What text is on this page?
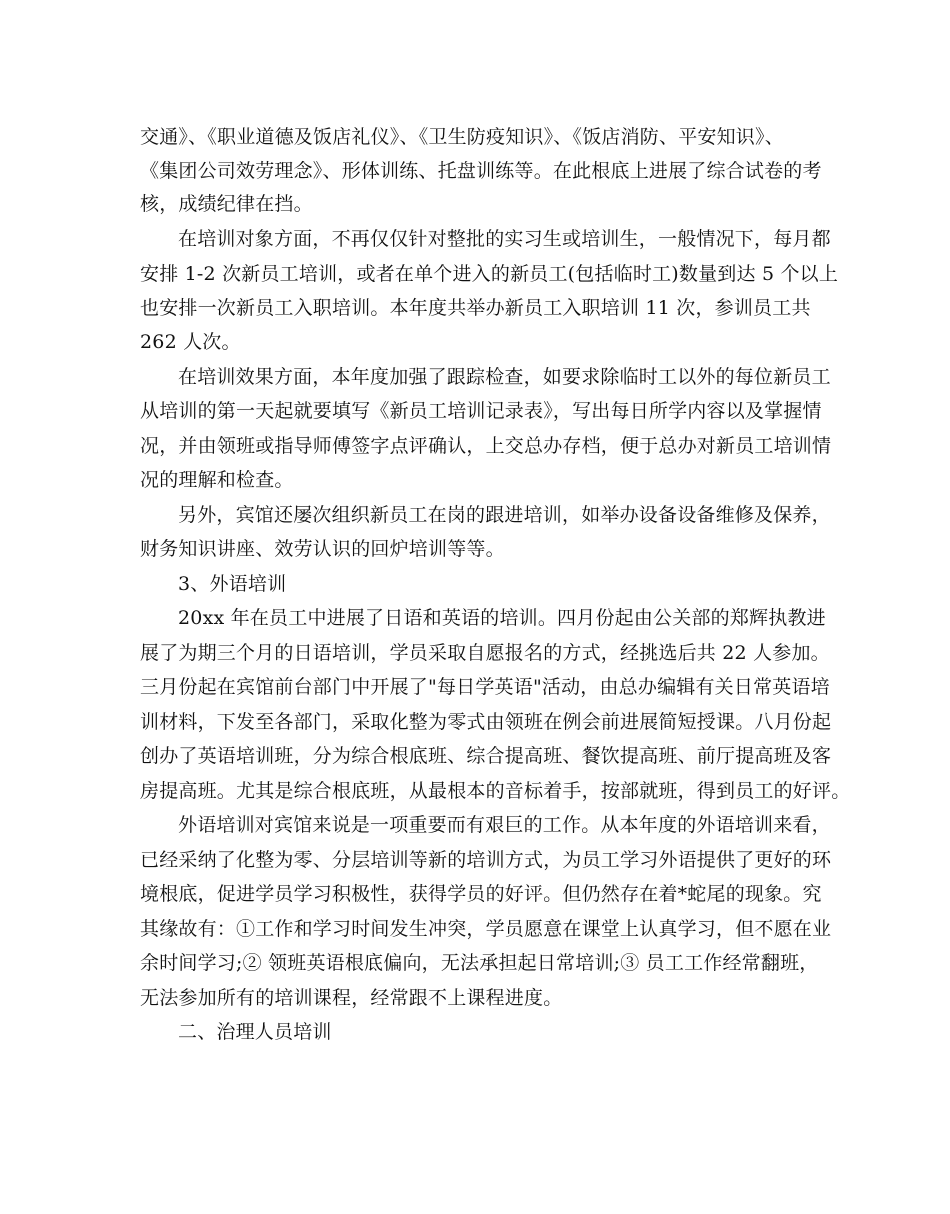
交通》、《职业道德及饭店礼仪》、《卫生防疫知识》、《饭店消防、平安知识》、

《集团公司效劳理念》、形体训练、托盘训练等。在此根底上进展了综合试卷的考

核，成绩纪律在挡。

在培训对象方面，不再仅仅针对整批的实习生或培训生，一般情况下，每月都

安排 1-2 次新员工培训，或者在单个进入的新员工(包括临时工)数量到达 5 个以上

也安排一次新员工入职培训。本年度共举办新员工入职培训 11 次，参训员工共

262 人次。

在培训效果方面，本年度加强了跟踪检查，如要求除临时工以外的每位新员工

从培训的第一天起就要填写《新员工培训记录表》，写出每日所学内容以及掌握情

况，并由领班或指导师傅签字点评确认，上交总办存档，便于总办对新员工培训情

况的理解和检查。

另外，宾馆还屡次组织新员工在岗的跟进培训，如举办设备设备维修及保养，

财务知识讲座、效劳认识的回炉培训等等。

3、外语培训

20xx 年在员工中进展了日语和英语的培训。四月份起由公关部的郑辉执教进

展了为期三个月的日语培训，学员采取自愿报名的方式，经挑选后共 22 人参加。

三月份起在宾馆前台部门中开展了"每日学英语"活动，由总办编辑有关日常英语培

训材料，下发至各部门，采取化整为零式由领班在例会前进展简短授课。八月份起

创办了英语培训班，分为综合根底班、综合提高班、餐饮提高班、前厅提高班及客

房提高班。尤其是综合根底班，从最根本的音标着手，按部就班，得到员工的好评。

外语培训对宾馆来说是一项重要而有艰巨的工作。从本年度的外语培训来看，

已经采纳了化整为零、分层培训等新的培训方式，为员工学习外语提供了更好的环

境根底，促进学员学习积极性，获得学员的好评。但仍然存在着*蛇尾的现象。究

其缘故有：①工作和学习时间发生冲突，学员愿意在课堂上认真学习，但不愿在业

余时间学习;② 领班英语根底偏向，无法承担起日常培训;③ 员工工作经常翻班，

无法参加所有的培训课程，经常跟不上课程进度。

二、治理人员培训
